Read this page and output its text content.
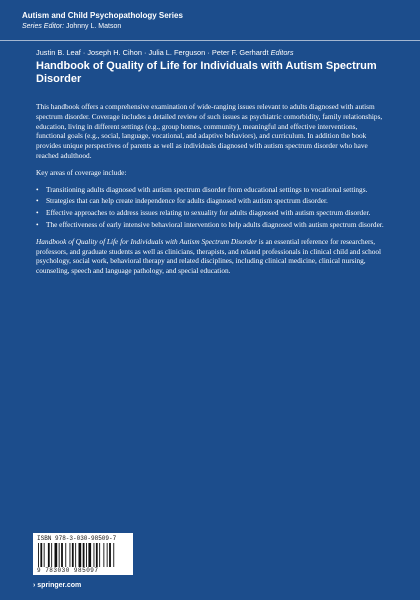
Autism and Child Psychopathology Series
Series Editor: Johnny L. Matson
Justin B. Leaf · Joseph H. Cihon · Julia L. Ferguson · Peter F. Gerhardt Editors
Handbook of Quality of Life for Individuals with Autism Spectrum Disorder

This handbook offers a comprehensive examination of wide-ranging issues relevant to adults diagnosed with autism spectrum disorder. Coverage includes a detailed review of such issues as psychiatric comorbidity, family relationships, education, living in different settings (e.g., group homes, community), meaningful and effective interventions, functional goals (e.g., social, language, vocational, and adaptive behaviors), and curriculum. In addition the book provides unique perspectives of parents as well as individuals diagnosed with autism spectrum disorder who have reached adulthood.

Key areas of coverage include:

• Transitioning adults diagnosed with autism spectrum disorder from educational settings to vocational settings.
• Strategies that can help create independence for adults diagnosed with autism spectrum disorder.
• Effective approaches to address issues relating to sexuality for adults diagnosed with autism spectrum disorder.
• The effectiveness of early intensive behavioral intervention to help adults diagnosed with autism spectrum disorder.

Handbook of Quality of Life for Individuals with Autism Spectrum Disorder is an essential reference for researchers, professors, and graduate students as well as clinicians, therapists, and related professionals in clinical child and school psychology, social work, behavioral therapy and related disciplines, including clinical medicine, clinical nursing, counseling, speech and language pathology, and special education.

ISBN 978-3-030-98509-7
9 783030 985097
› springer.com
